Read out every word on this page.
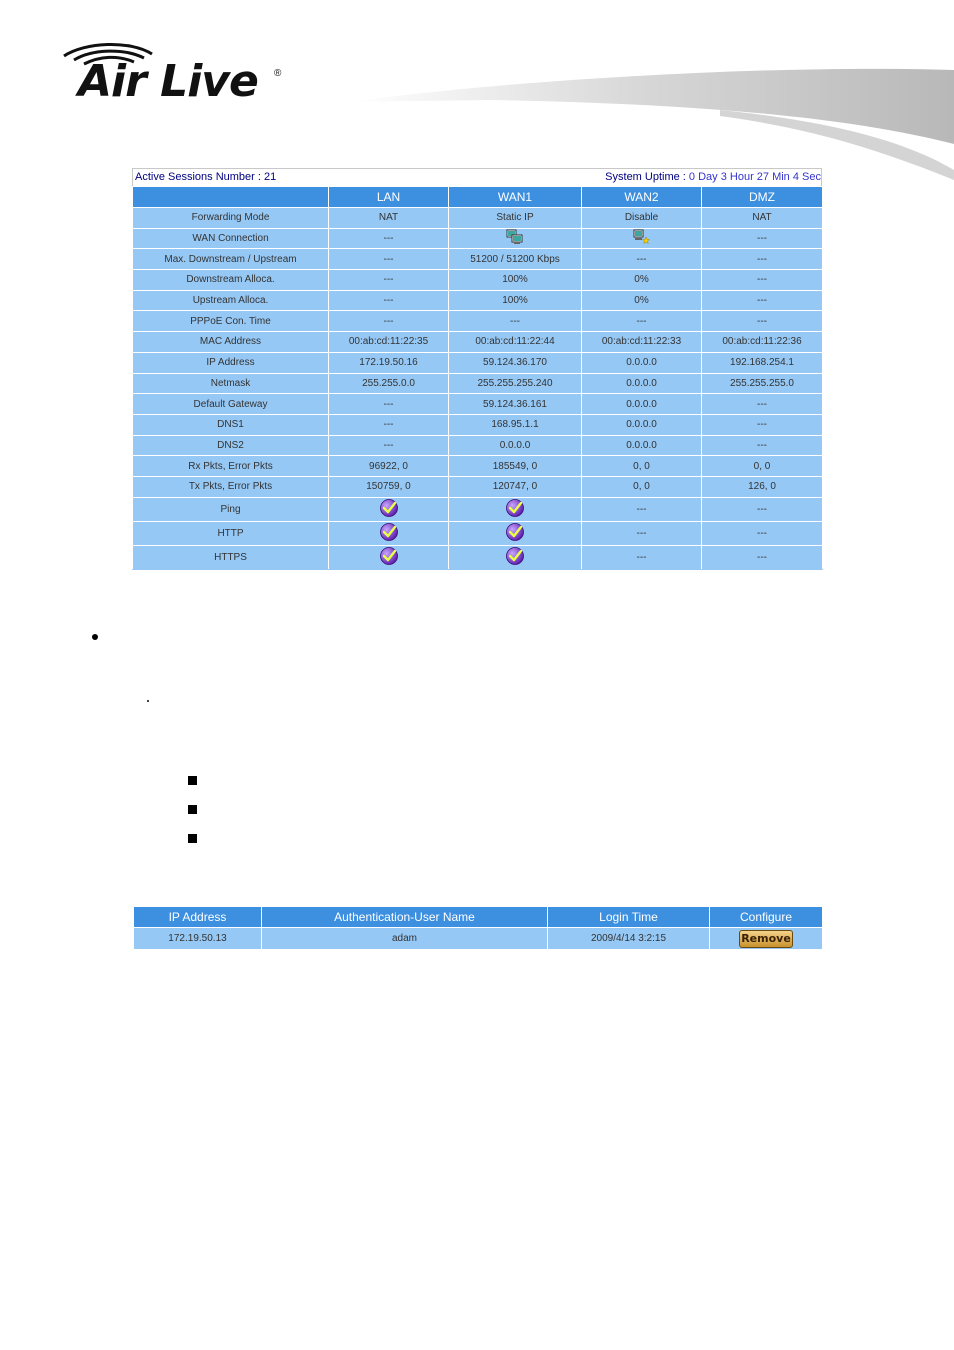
Air Live ®
Active Sessions Number : 21	System Uptime : 0 Day 3 Hour 27 Min 4 Sec
	LAN	WAN1	WAN2	DMZ
Forwarding Mode	NAT	Static IP	Disable	NAT
WAN Connection	---			---
Max. Downstream / Upstream	---	51200 / 51200 Kbps	---	---
Downstream Alloca.	---	100%	0%	---
Upstream Alloca.	---	100%	0%	---
PPPoE Con. Time	---	---	---	---
MAC Address	00:ab:cd:11:22:35	00:ab:cd:11:22:44	00:ab:cd:11:22:33	00:ab:cd:11:22:36
IP Address	172.19.50.16	59.124.36.170	0.0.0.0	192.168.254.1
Netmask	255.255.0.0	255.255.255.240	0.0.0.0	255.255.255.0
Default Gateway	---	59.124.36.161	0.0.0.0	---
DNS1	---	168.95.1.1	0.0.0.0	---
DNS2	---	0.0.0.0	0.0.0.0	---
Rx Pkts, Error Pkts	96922, 0	185549, 0	0, 0	0, 0
Tx Pkts, Error Pkts	150759, 0	120747, 0	0, 0	126, 0
Ping			---	---
HTTP			---	---
HTTPS			---	---
IP Address	Authentication-User Name	Login Time	Configure
172.19.50.13	adam	2009/4/14 3:2:15	Remove
